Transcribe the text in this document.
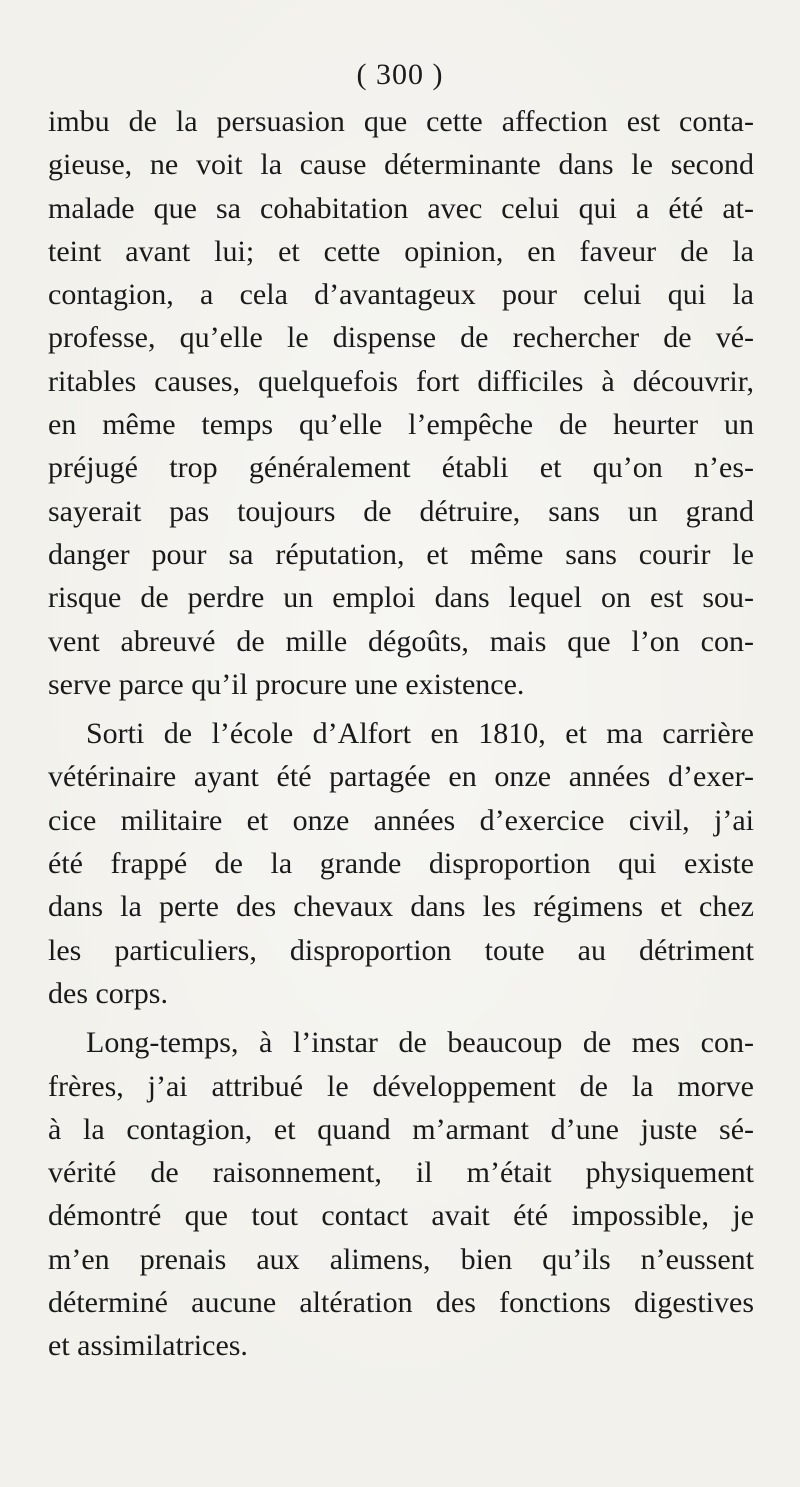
( 300 )
imbu de la persuasion que cette affection est conta-
gieuse, ne voit la cause déterminante dans le second
malade que sa cohabitation avec celui qui a été at-
teint avant lui; et cette opinion, en faveur de la
contagion, a cela d’avantageux pour celui qui la
professe, qu’elle le dispense de rechercher de vé-
ritables causes, quelquefois fort difficiles à découvrir,
en même temps qu’elle l’empêche de heurter un
préjugé trop généralement établi et qu’on n’es-
sayerait pas toujours de détruire, sans un grand
danger pour sa réputation, et même sans courir le
risque de perdre un emploi dans lequel on est sou-
vent abreuvé de mille dégoûts, mais que l’on con-
serve parce qu’il procure une existence.
Sorti de l’école d’Alfort en 1810, et ma carrière
vétérinaire ayant été partagée en onze années d’exer-
cice militaire et onze années d’exercice civil, j’ai
été frappé de la grande disproportion qui existe
dans la perte des chevaux dans les régimens et chez
les particuliers, disproportion toute au détriment
des corps.
Long-temps, à l’instar de beaucoup de mes con-
frères, j’ai attribué le développement de la morve
à la contagion, et quand m’armant d’une juste sé-
vérité de raisonnement, il m’était physiquement
démontré que tout contact avait été impossible, je
m’en prenais aux alimens, bien qu’ils n’eussent
déterminé aucune altération des fonctions digestives
et assimilatrices.
